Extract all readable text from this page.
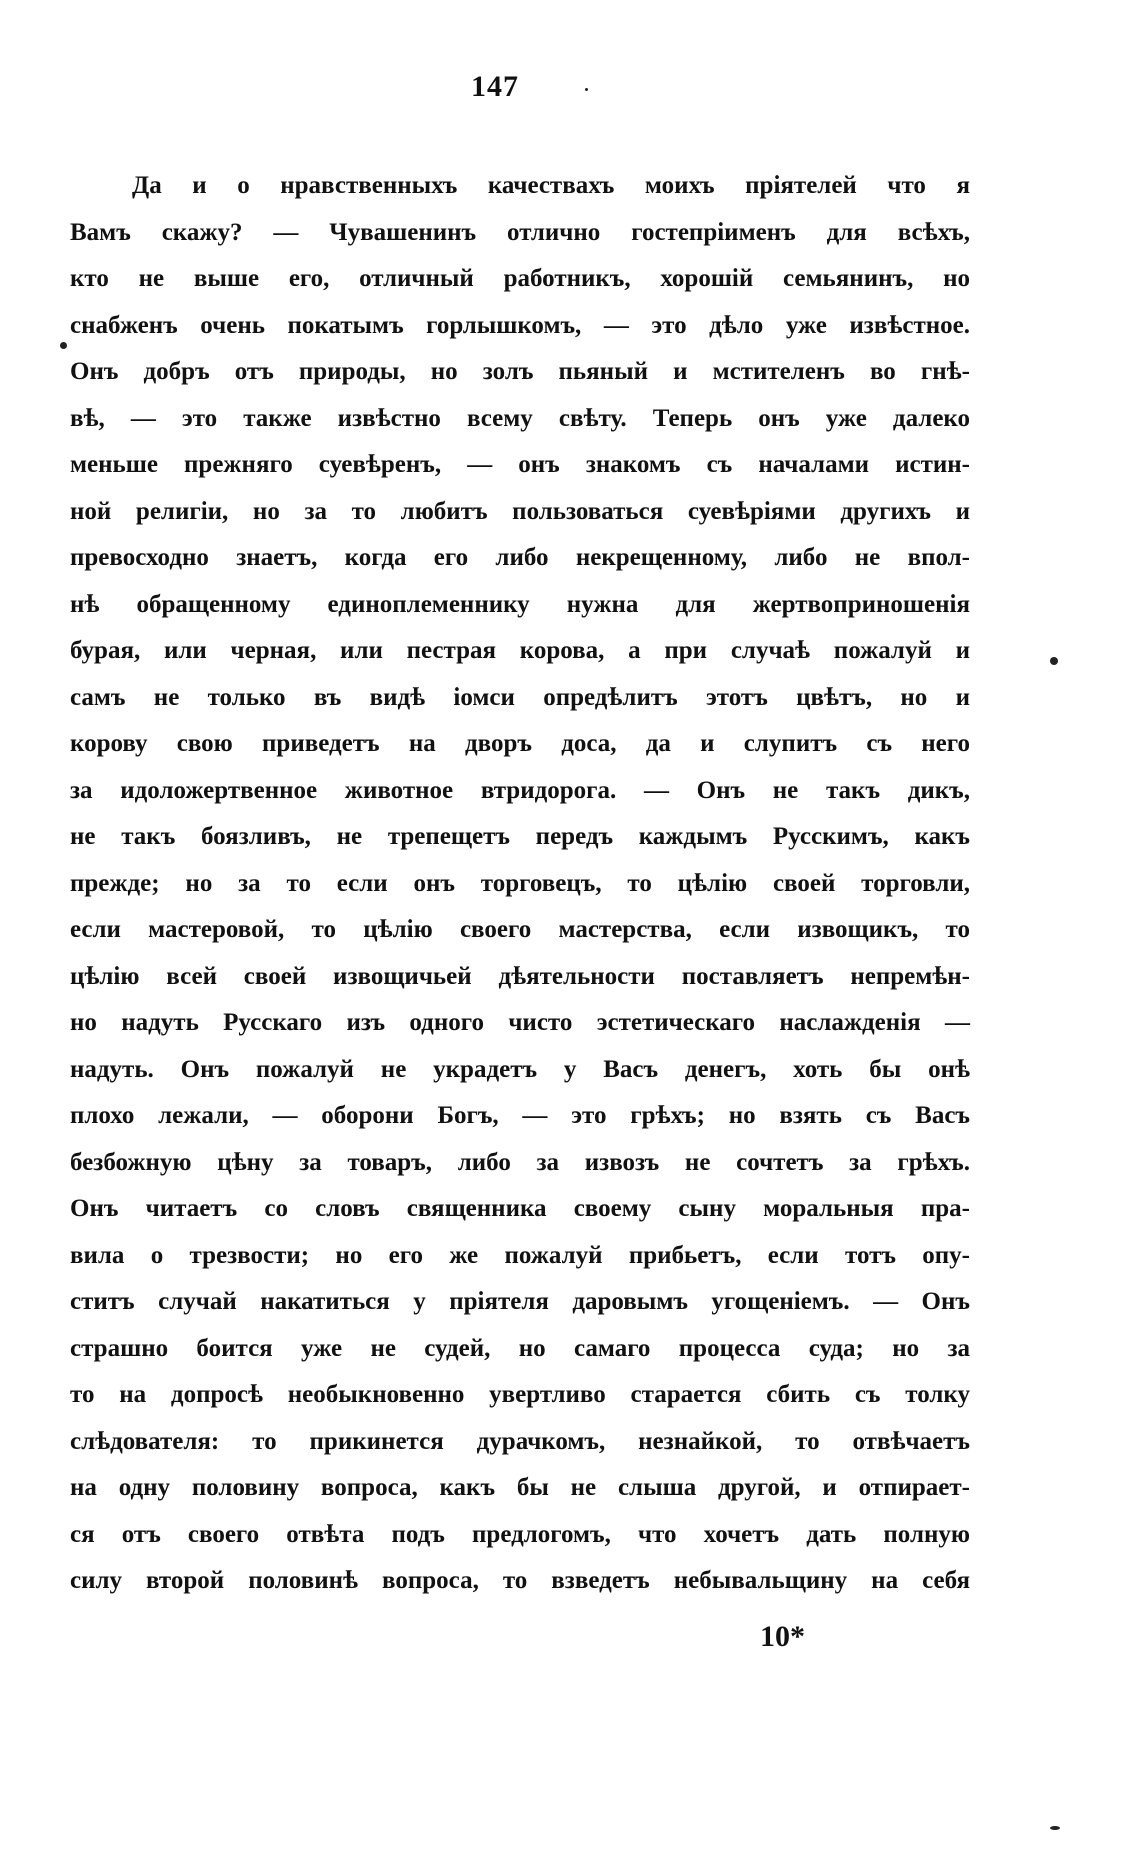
147
Да и о нравственныхъ качествахъ моихъ пріятелей что я
Вамъ скажу? — Чувашенинъ отлично гостепріименъ для всѣхъ,
кто не выше его, отличный работникъ, хорошій семьянинъ, но
снабженъ очень покатымъ горлышкомъ, — это дѣло уже извѣстное.
Онъ добръ отъ природы, но золъ пьяный и мстителенъ во гнѣ-
вѣ, — это также извѣстно всему свѣту. Теперь онъ уже далеко
меньше прежняго суевѣренъ, — онъ знакомъ съ началами истин-
ной религіи, но за то любитъ пользоваться суевѣріями другихъ и
превосходно знаетъ, когда его либо некрещенному, либо не впол-
нѣ обращенному единоплеменнику нужна для жертвоприношенія
бурая, или черная, или пестрая корова, а при случаѣ пожалуй и
самъ не только въ видѣ іомси опредѣлитъ этотъ цвѣтъ, но и
корову свою приведетъ на дворъ доса, да и слупитъ съ него
за идоложертвенное животное втридорога. — Онъ не такъ дикъ,
не такъ боязливъ, не трепещетъ передъ каждымъ Русскимъ, какъ
прежде; но за то если онъ торговецъ, то цѣлію своей торговли,
если мастеровой, то цѣлію своего мастерства, если извощикъ, то
цѣлію всей своей извощичьей дѣятельности поставляетъ непремѣн-
но надуть Русскаго изъ одного чисто эстетическаго наслажденія —
надуть. Онъ пожалуй не украдетъ у Васъ денегъ, хоть бы онѣ
плохо лежали, — оборони Богъ, — это грѣхъ; но взять съ Васъ
безбожную цѣну за товаръ, либо за извозъ не сочтетъ за грѣхъ.
Онъ читаетъ со словъ священника своему сыну моральныя пра-
вила о трезвости; но его же пожалуй прибьетъ, если тотъ опу-
ститъ случай накатиться у пріятеля даровымъ угощеніемъ. — Онъ
страшно боится уже не судей, но самаго процесса суда; но за
то на допросѣ необыкновенно увертливо старается сбить съ толку
слѣдователя: то прикинется дурачкомъ, незнайкой, то отвѣчаетъ
на одну половину вопроса, какъ бы не слыша другой, и отпирает-
ся отъ своего отвѣта подъ предлогомъ, что хочетъ дать полную
силу второй половинѣ вопроса, то взведетъ небывальщину на себя
10*
